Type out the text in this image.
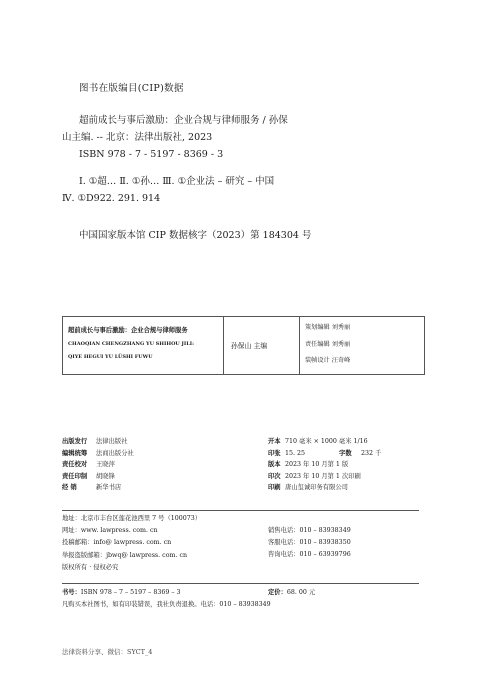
图书在版编目(CIP)数据

超前成长与事后激励：企业合规与律师服务 / 孙保

山主编. -- 北京：法律出版社, 2023

ISBN 978 - 7 - 5197 - 8369 - 3

Ⅰ. ①超… Ⅱ. ①孙… Ⅲ. ①企业法 – 研究 – 中国

Ⅳ. ①D922. 291. 914

中国国家版本馆 CIP 数据核字（2023）第 184304 号

超前成长与事后激励：企业合规与律师服务
CHAOQIAN CHENGZHANG YU SHIHOU JILI:
QIYE HEGUI YU LÜSHI FUWU
孙保山 主编
策划编辑 刘秀丽
责任编辑 刘秀丽
装帧设计 汪奇峰
出版发行 法律出版社
编辑统筹 法商出版分社
责任校对 王晓萍
责任印制 胡晓锋
经 销	新华书店
开本 710 毫米 × 1000 毫米 1/16
印张 15. 25	字数 232 千
版本 2023 年 10 月第 1 版
印次 2023 年 10 月第 1 次印刷
印刷 唐山玺诚印务有限公司
地址：北京市丰台区莲花池西里 7 号（100073）
网址：www. lawpress. com. cn
投稿邮箱：info@ lawpress. com. cn
举报盗版邮箱：jbwq@ lawpress. com. cn
版权所有 · 侵权必究
销售电话：010 – 83938349
客服电话：010 – 83938350
咨询电话：010 – 63939796
书号：ISBN 978 – 7 – 5197 – 8369 – 3	定价：68. 00 元
凡购买本社图书，如有印装错误，我社负责退换。电话：010 – 83938349
法律资料分享、微信：SYCT_4
